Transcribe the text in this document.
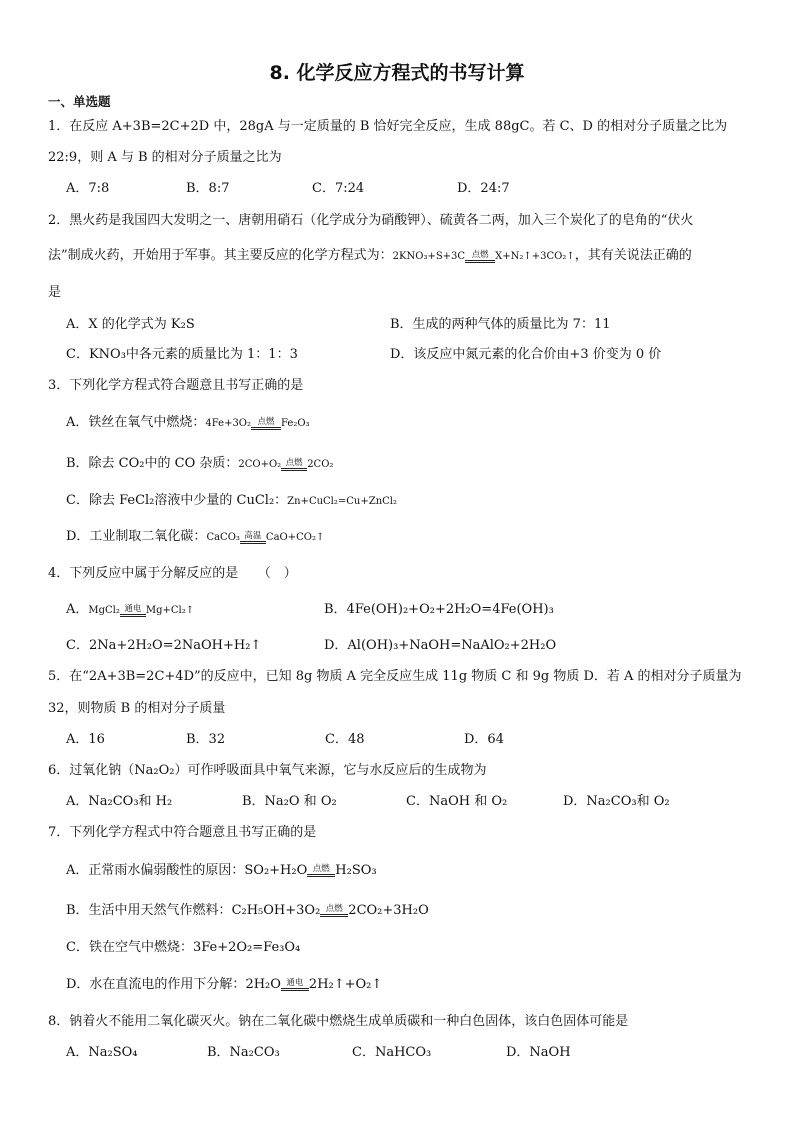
8. 化学反应方程式的书写计算
一、单选题
1．在反应 A+3B=2C+2D 中，28gA 与一定质量的 B 恰好完全反应，生成 88gC。若 C、D 的相对分子质量之比为
22:9，则 A 与 B 的相对分子质量之比为
A．7:8	B．8:7	C．7:24	D．24:7
2．黑火药是我国四大发明之一、唐朝用硝石（化学成分为硝酸钾）、硫黄各二两，加入三个炭化了的皂角的“伏火
法”制成火药，开始用于军事。其主要反应的化学方程式为：2KNO₃+S+3C 点燃 X+N₂↑+3CO₂↑，其有关说法正确的
是
A．X 的化学式为 K₂S	B．生成的两种气体的质量比为 7：11
C．KNO₃中各元素的质量比为 1：1：3	D．该反应中氮元素的化合价由+3 价变为 0 价
3．下列化学方程式符合题意且书写正确的是
A．铁丝在氧气中燃烧：4Fe+3O₂ 点燃 Fe₂O₃
B．除去 CO₂中的 CO 杂质：2CO+O₂ 点燃 2CO₂
C．除去 FeCl₂溶液中少量的 CuCl₂：Zn+CuCl₂=Cu+ZnCl₂
D．工业制取二氧化碳：CaCO₃ 高温 CaO+CO₂↑
4．下列反应中属于分解反应的是　　（　）
A．MgCl₂ 通电 Mg+Cl₂↑	B．4Fe(OH)₂+O₂+2H₂O=4Fe(OH)₃
C．2Na+2H₂O=2NaOH+H₂↑	D．Al(OH)₃+NaOH=NaAlO₂+2H₂O
5．在“2A+3B=2C+4D”的反应中，已知 8g 物质 A 完全反应生成 11g 物质 C 和 9g 物质 D．若 A 的相对分子质量为
32，则物质 B 的相对分子质量
A．16	B．32	C．48	D．64
6．过氧化钠（Na₂O₂）可作呼吸面具中氧气来源，它与水反应后的生成物为
A．Na₂CO₃和 H₂	B．Na₂O 和 O₂	C．NaOH 和 O₂	D．Na₂CO₃和 O₂
7．下列化学方程式中符合题意且书写正确的是
A．正常雨水偏弱酸性的原因：SO₂+H₂O 点燃 H₂SO₃
B．生活中用天然气作燃料：C₂H₅OH+3O₂ 点燃 2CO₂+3H₂O
C．铁在空气中燃烧：3Fe+2O₂=Fe₃O₄
D．水在直流电的作用下分解：2H₂O 通电 2H₂↑+O₂↑
8．钠着火不能用二氧化碳灭火。钠在二氧化碳中燃烧生成单质碳和一种白色固体，该白色固体可能是
A．Na₂SO₄	B．Na₂CO₃	C．NaHCO₃	D．NaOH
